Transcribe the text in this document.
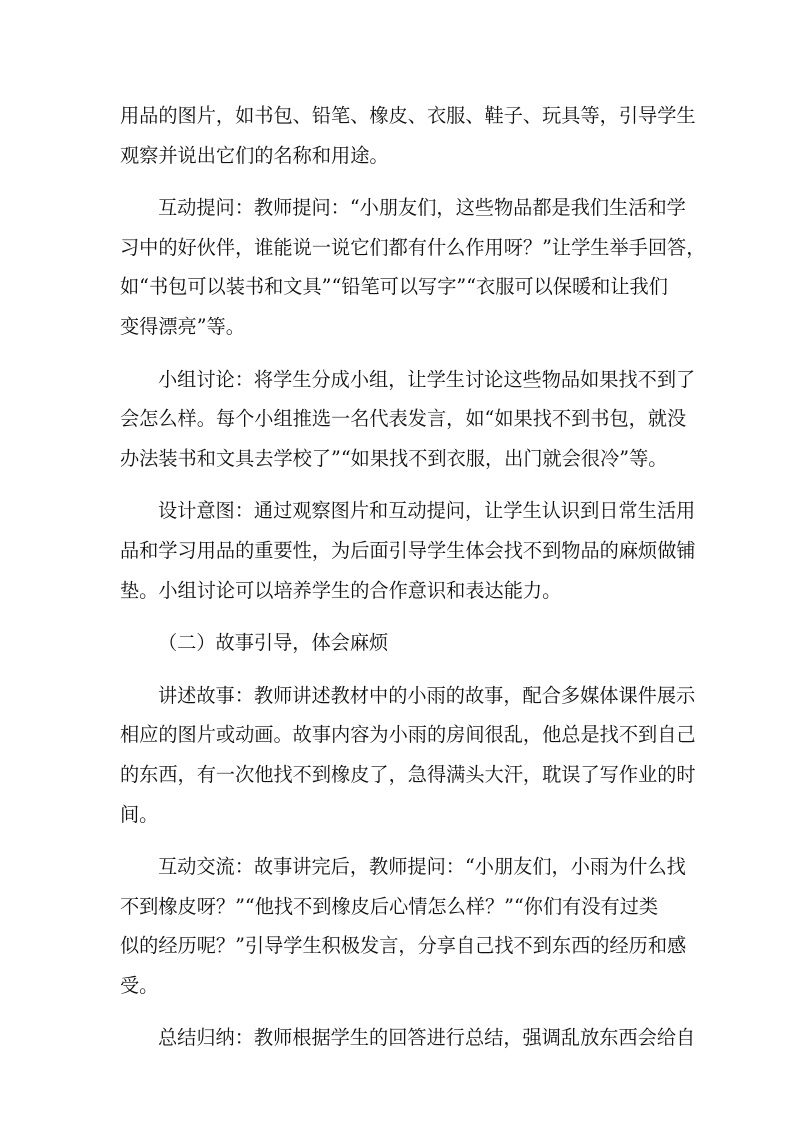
用品的图片，如书包、铅笔、橡皮、衣服、鞋子、玩具等，引导学生
观察并说出它们的名称和用途。

互动提问：教师提问：“小朋友们，这些物品都是我们生活和学
习中的好伙伴，谁能说一说它们都有什么作用呀？”让学生举手回答，
如“书包可以装书和文具”“铅笔可以写字”“衣服可以保暖和让我们
变得漂亮”等。

小组讨论：将学生分成小组，让学生讨论这些物品如果找不到了
会怎么样。每个小组推选一名代表发言，如“如果找不到书包，就没
办法装书和文具去学校了”“如果找不到衣服，出门就会很冷”等。

设计意图：通过观察图片和互动提问，让学生认识到日常生活用
品和学习用品的重要性，为后面引导学生体会找不到物品的麻烦做铺
垫。小组讨论可以培养学生的合作意识和表达能力。

（二）故事引导，体会麻烦

讲述故事：教师讲述教材中的小雨的故事，配合多媒体课件展示
相应的图片或动画。故事内容为小雨的房间很乱，他总是找不到自己
的东西，有一次他找不到橡皮了，急得满头大汗，耽误了写作业的时
间。

互动交流：故事讲完后，教师提问：“小朋友们，小雨为什么找
不到橡皮呀？”“他找不到橡皮后心情怎么样？”“你们有没有过类
似的经历呢？”引导学生积极发言，分享自己找不到东西的经历和感
受。

总结归纳：教师根据学生的回答进行总结，强调乱放东西会给自
